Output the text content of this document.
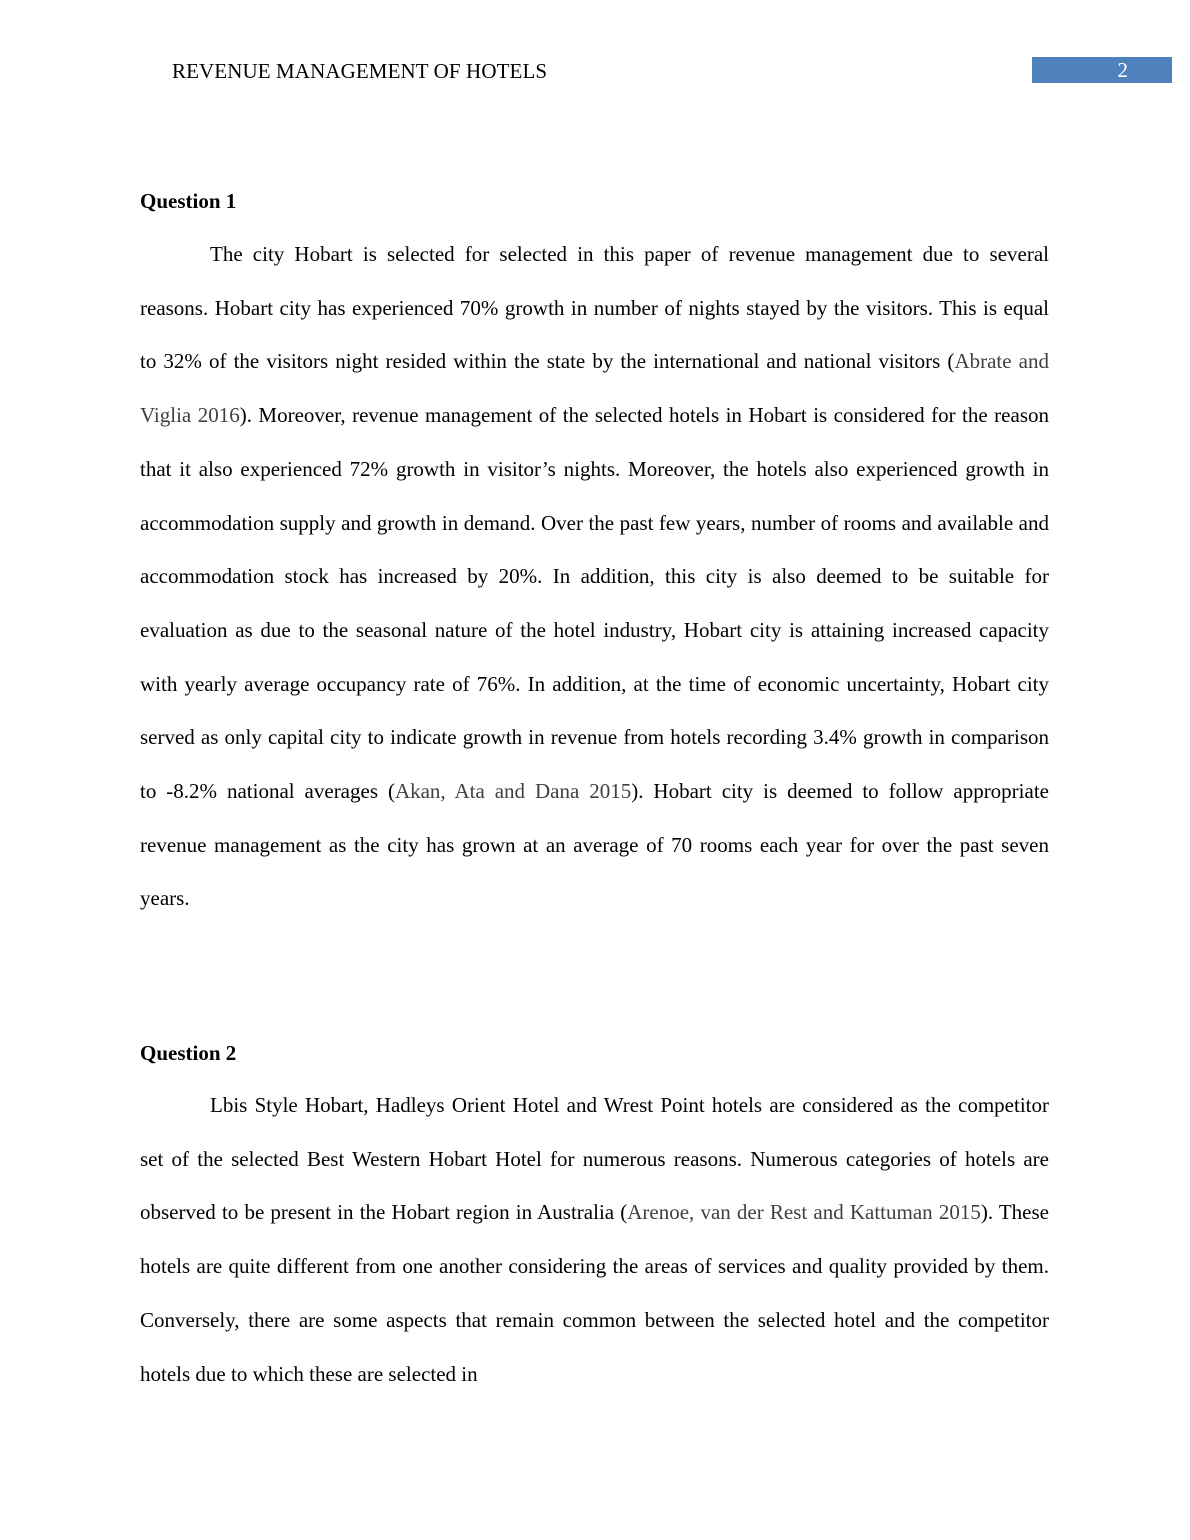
REVENUE MANAGEMENT OF HOTELS	2
Question 1

The city Hobart is selected for selected in this paper of revenue management due to several reasons. Hobart city has experienced 70% growth in number of nights stayed by the visitors. This is equal to 32% of the visitors night resided within the state by the international and national visitors (Abrate and Viglia 2016). Moreover, revenue management of the selected hotels in Hobart is considered for the reason that it also experienced 72% growth in visitor’s nights. Moreover, the hotels also experienced growth in accommodation supply and growth in demand. Over the past few years, number of rooms and available and accommodation stock has increased by 20%. In addition, this city is also deemed to be suitable for evaluation as due to the seasonal nature of the hotel industry, Hobart city is attaining increased capacity with yearly average occupancy rate of 76%. In addition, at the time of economic uncertainty, Hobart city served as only capital city to indicate growth in revenue from hotels recording 3.4% growth in comparison to -8.2% national averages (Akan, Ata and Dana 2015). Hobart city is deemed to follow appropriate revenue management as the city has grown at an average of 70 rooms each year for over the past seven years.

Question 2

Lbis Style Hobart, Hadleys Orient Hotel and Wrest Point hotels are considered as the competitor set of the selected Best Western Hobart Hotel for numerous reasons. Numerous categories of hotels are observed to be present in the Hobart region in Australia (Arenoe, van der Rest and Kattuman 2015). These hotels are quite different from one another considering the areas of services and quality provided by them. Conversely, there are some aspects that remain common between the selected hotel and the competitor hotels due to which these are selected in
